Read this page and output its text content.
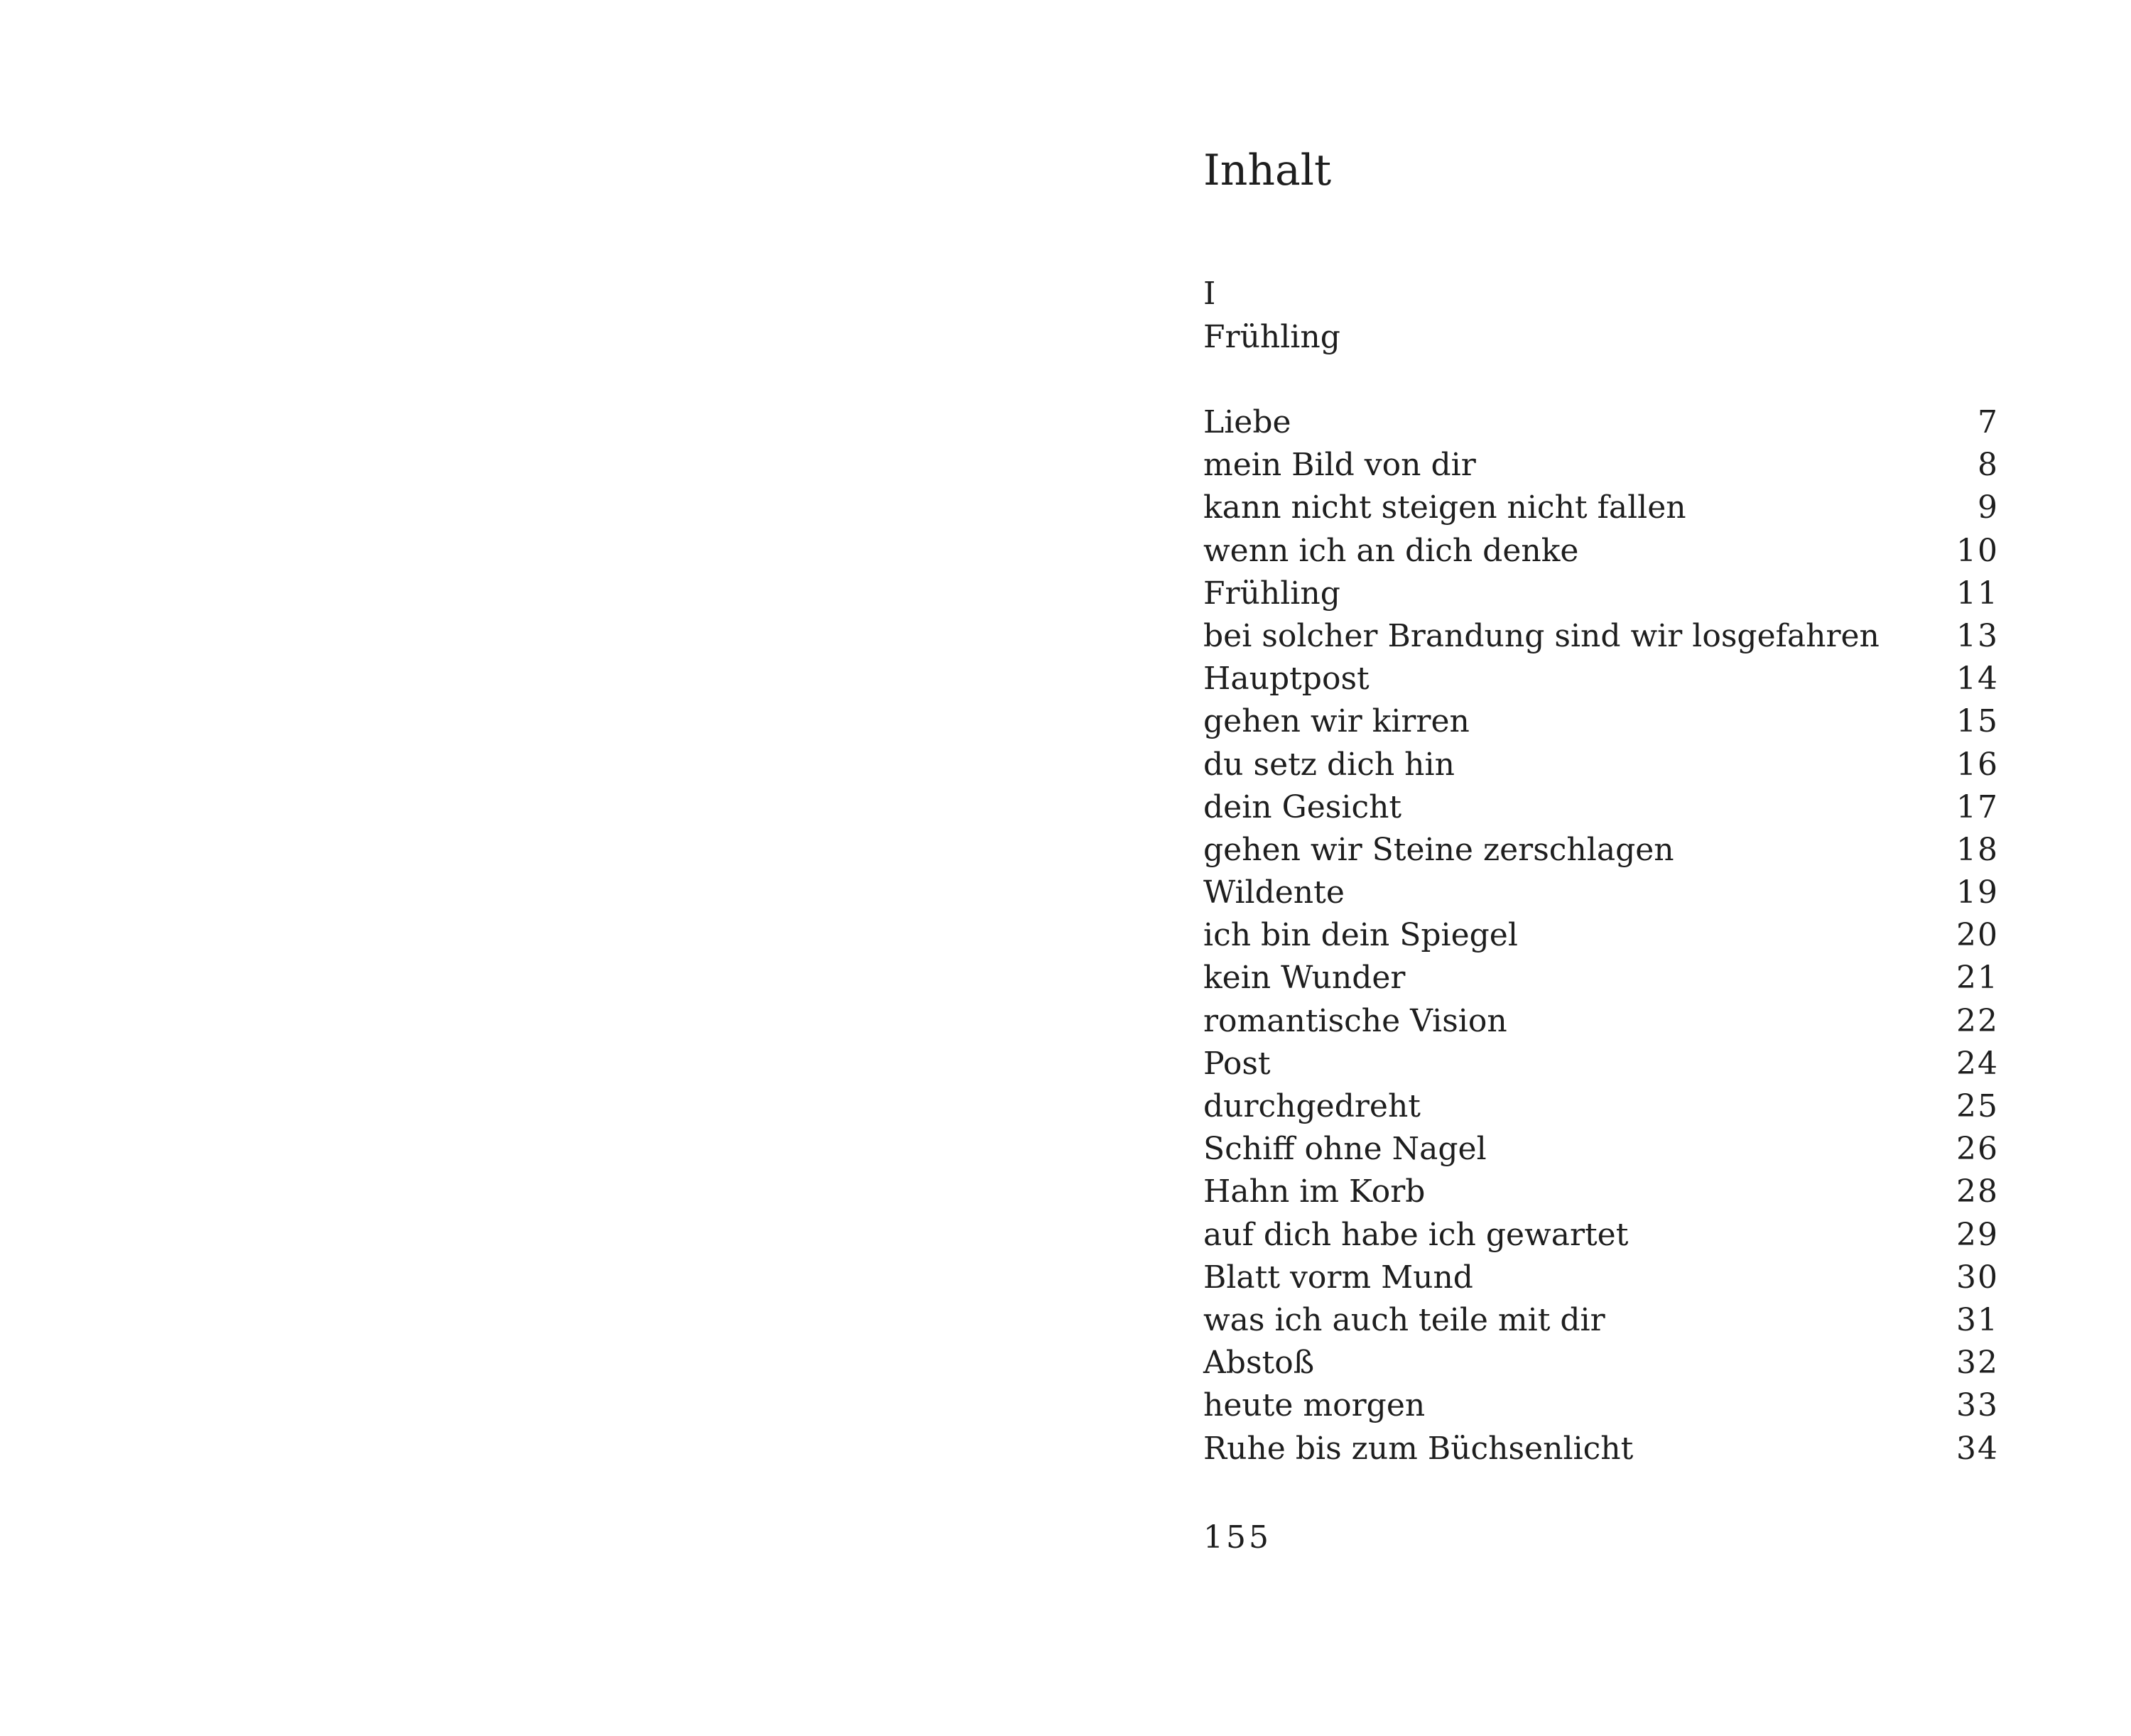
Inhalt
I
Frühling
Liebe	7
mein Bild von dir	8
kann nicht steigen nicht fallen	9
wenn ich an dich denke	10
Frühling	11
bei solcher Brandung sind wir losgefahren	13
Hauptpost	14
gehen wir kirren	15
du setz dich hin	16
dein Gesicht	17
gehen wir Steine zerschlagen	18
Wildente	19
ich bin dein Spiegel	20
kein Wunder	21
romantische Vision	22
Post	24
durchgedreht	25
Schiff ohne Nagel	26
Hahn im Korb	28
auf dich habe ich gewartet	29
Blatt vorm Mund	30
was ich auch teile mit dir	31
Abstoß	32
heute morgen	33
Ruhe bis zum Büchsenlicht	34
155
